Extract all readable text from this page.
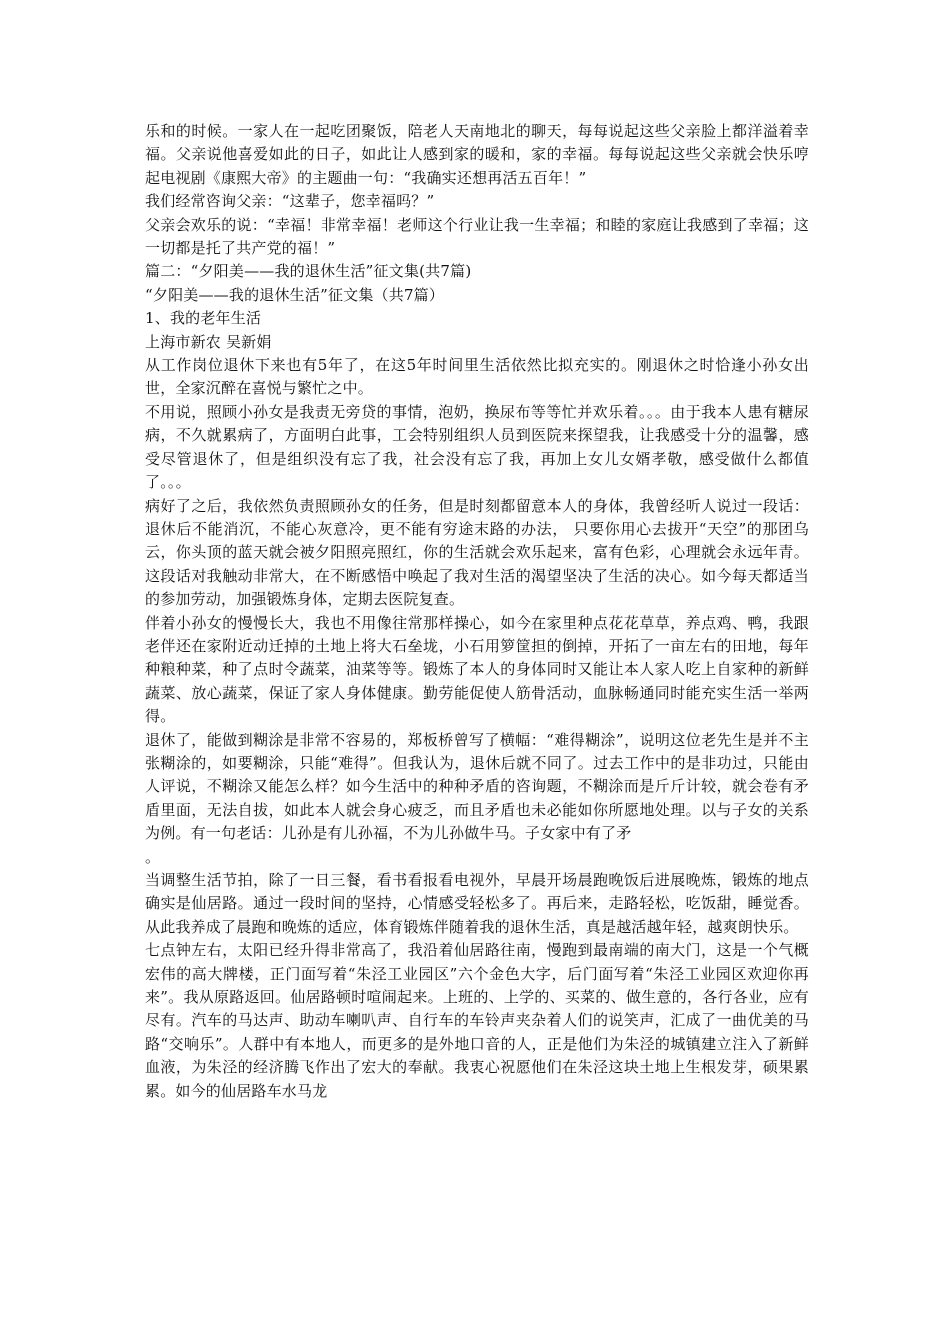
乐和的时候。一家人在一起吃团聚饭，陪老人天南地北的聊天，每每说起这些父亲脸上都洋溢着幸福。父亲说他喜爱如此的日子，如此让人感到家的暖和，家的幸福。每每说起这些父亲就会快乐哼起电视剧《康熙大帝》的主题曲一句：“我确实还想再活五百年！”

我们经常咨询父亲：“这辈子，您幸福吗？”

父亲会欢乐的说：“幸福！非常幸福！老师这个行业让我一生幸福；和睦的家庭让我感到了幸福；这一切都是托了共产党的福！”

篇二：“夕阳美——我的退休生活”征文集(共7篇)

“夕阳美——我的退休生活”征文集（共7篇）

1、我的老年生活

上海市新农 吴新娟

从工作岗位退休下来也有5年了，在这5年时间里生活依然比拟充实的。刚退休之时恰逢小孙女出世，全家沉醉在喜悦与繁忙之中。

不用说，照顾小孙女是我责无旁贷的事情，泡奶，换尿布等等忙并欢乐着。。。由于我本人患有糖尿病，不久就累病了，方面明白此事，工会特别组织人员到医院来探望我，让我感受十分的温馨，感受尽管退休了，但是组织没有忘了我，社会没有忘了我，再加上女儿女婿孝敬，感受做什么都值了。。。

病好了之后，我依然负责照顾孙女的任务，但是时刻都留意本人的身体，我曾经听人说过一段话：退休后不能消沉，不能心灰意冷，更不能有穷途末路的办法， 只要你用心去拔开“天空”的那团乌云，你头顶的蓝天就会被夕阳照亮照红，你的生活就会欢乐起来，富有色彩，心理就会永远年青。这段话对我触动非常大，在不断感悟中唤起了我对生活的渴望坚决了生活的决心。如今每天都适当的参加劳动，加强锻炼身体，定期去医院复查。

伴着小孙女的慢慢长大，我也不用像往常那样操心，如今在家里种点花花草草，养点鸡、鸭，我跟老伴还在家附近动迁掉的土地上将大石垒垅，小石用箩筐担的倒掉，开拓了一亩左右的田地，每年种粮种菜，种了点时令蔬菜，油菜等等。锻炼了本人的身体同时又能让本人家人吃上自家种的新鲜蔬菜、放心蔬菜，保证了家人身体健康。勤劳能促使人筋骨活动，血脉畅通同时能充实生活一举两得。

退休了，能做到糊涂是非常不容易的，郑板桥曾写了横幅：“难得糊涂”，说明这位老先生是并不主张糊涂的，如要糊涂，只能“难得”。但我认为，退休后就不同了。过去工作中的是非功过，只能由人评说，不糊涂又能怎么样？如今生活中的种种矛盾的咨询题，不糊涂而是斤斤计较，就会卷有矛盾里面，无法自拔，如此本人就会身心疲乏，而且矛盾也未必能如你所愿地处理。以与子女的关系为例。有一句老话：儿孙是有儿孙福，不为儿孙做牛马。子女家中有了矛

。

当调整生活节拍，除了一日三餐，看书看报看电视外，早晨开场晨跑晚饭后进展晚炼，锻炼的地点确实是仙居路。通过一段时间的坚持，心情感受轻松多了。再后来，走路轻松，吃饭甜，睡觉香。从此我养成了晨跑和晚炼的适应，体育锻炼伴随着我的退休生活，真是越活越年轻，越爽朗快乐。

七点钟左右，太阳已经升得非常高了，我沿着仙居路往南，慢跑到最南端的南大门，这是一个气概宏伟的高大牌楼，正门面写着“朱泾工业园区”六个金色大字，后门面写着“朱泾工业园区欢迎你再来”。我从原路返回。仙居路顿时喧闹起来。上班的、上学的、买菜的、做生意的，各行各业，应有尽有。汽车的马达声、助动车喇叭声、自行车的车铃声夹杂着人们的说笑声，汇成了一曲优美的马路“交响乐”。人群中有本地人，而更多的是外地口音的人，正是他们为朱泾的城镇建立注入了新鲜血液，为朱泾的经济腾飞作出了宏大的奉献。我衷心祝愿他们在朱泾这块土地上生根发芽，硕果累累。如今的仙居路车水马龙
